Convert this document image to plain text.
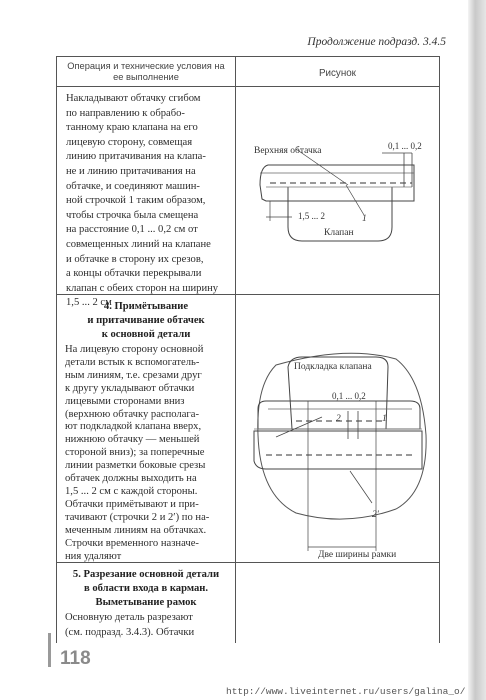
Продолжение подразд. 3.4.5
Операция и технические условия на
ее выполнение	Рисунок
Накладывают обтачку сгибом
по направлению к обрабо-
танному краю клапана на его
лицевую сторону, совмещая
линию притачивания на клапа-
не и линию притачивания на
обтачке, и соединяют машин-
ной строчкой 1 таким образом,
чтобы строчка была смещена
на расстояние 0,1 ... 0,2 см от
совмещенных линий на клапане
и обтачке в сторону их срезов,
а концы обтачки перекрывали
клапан с обеих сторон на ширину
1,5 ... 2 см
Верхняя обтачка	0,1 ... 0,2
1,5 ... 2	1
Клапан
4. Примётывание
и притачивание обтачек
к основной детали
На лицевую сторону основной
детали встык к вспомогатель-
ным линиям, т.е. срезами друг
к другу укладывают обтачки
лицевыми сторонами вниз
(верхнюю обтачку располага-
ют подкладкой клапана вверх,
нижнюю обтачку — меньшей
стороной вниз); за поперечные
линии разметки боковые срезы
обтачек должны выходить на
1,5 ... 2 см с каждой стороны.
Обтачки примётывают и при-
тачивают (строчки 2 и 2′) по на-
меченным линиям на обтачках.
Строчки временного назначе-
ния удаляют
Подкладка клапана
0,1 ... 0,2
2	1
2′
Две ширины рамки
5. Разрезание основной детали
в области входа в карман.
Выметывание рамок
Основную деталь разрезают
(см. подразд. 3.4.3). Обтачки
118
http://www.liveinternet.ru/users/galina_o/
